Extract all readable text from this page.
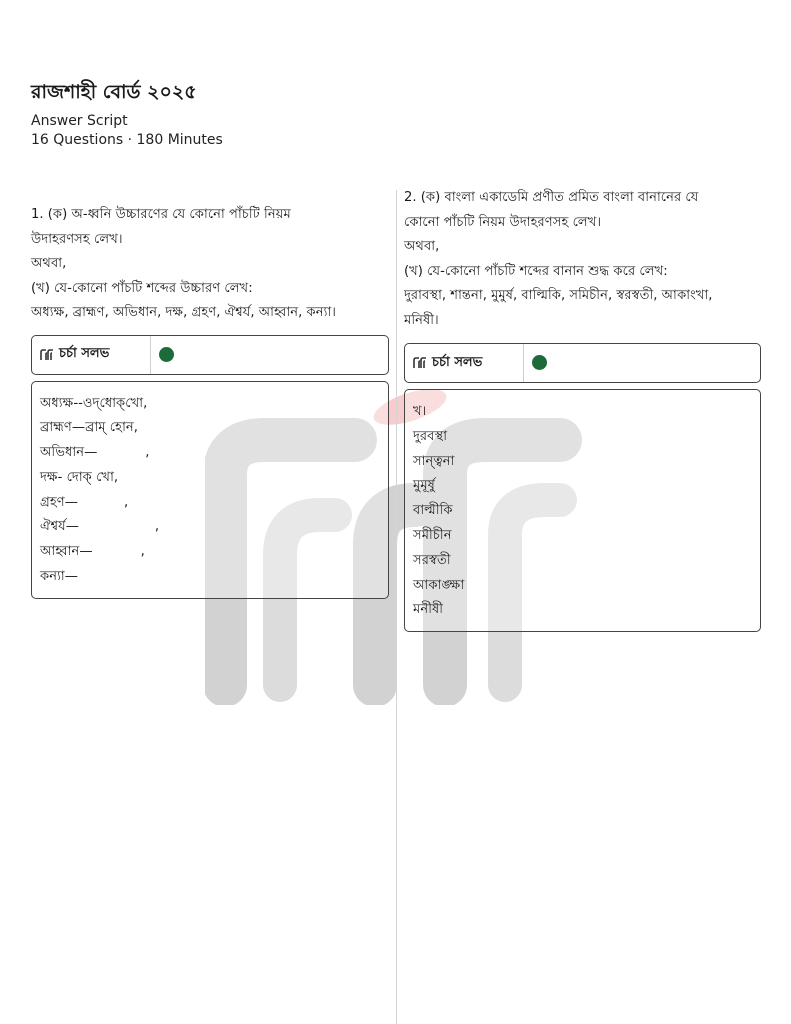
রাজশাহী বোর্ড ২০২৫
Answer Script
16 Questions · 180 Minutes
1. (ক) অ-ধ্বনি উচ্চারণের যে কোনো পাঁচটি নিয়ম
উদাহরণসহ লেখ।
অথবা,
(খ) যে-কোনো পাঁচটি শব্দের উচ্চারণ লেখ:
অধ্যক্ষ, ব্রাহ্মণ, অভিধান, দক্ষ, গ্রহণ, ঐশ্বর্য, আহ্বান, কন্যা।
চর্চা সলভ
অধ্যক্ষ--ওদ্‌ধোক্‌খো,
ব্রাহ্মণ—ব্রাম্‌ হোন,
অভিধান—	,
দক্ষ- দোক্‌ খো,
গ্রহণ—	,
ঐশ্বর্য—	,
আহ্বান—	,
কন্যা—
2. (ক) বাংলা একাডেমি প্রণীত প্রমিত বাংলা বানানের যে
কোনো পাঁচটি নিয়ম উদাহরণসহ লেখ।
অথবা,
(খ) যে-কোনো পাঁচটি শব্দের বানান শুদ্ধ করে লেখ:
দুরাবস্থা, শান্তনা, মুমুর্ষ, বাল্মিকি, সমিচীন, স্বরস্বতী, আকাংখা,
মনিষী।
চর্চা সলভ
খ।
দুরবস্থা
সান্ত্বনা
মুমূর্ষু
বাল্মীকি
সমীচীন
সরস্বতী
আকাঙ্ক্ষা
মনীষী
